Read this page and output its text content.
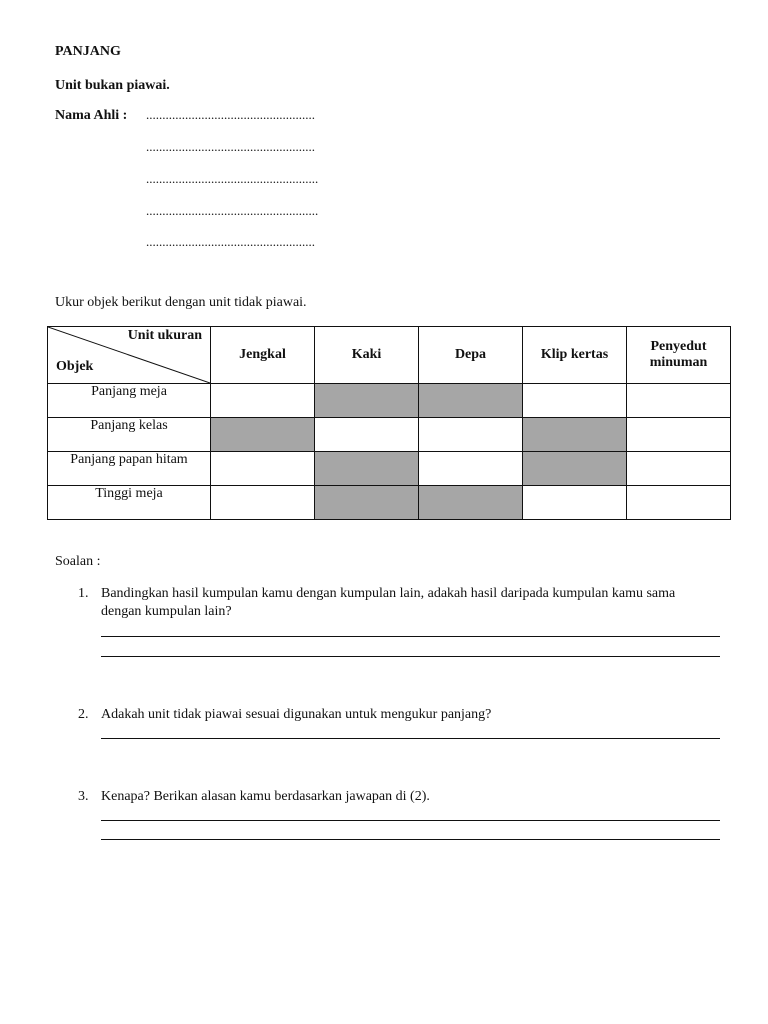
PANJANG
Unit bukan piawai.
Nama Ahli : ....................................................
....................................................
.....................................................
.....................................................
....................................................
Ukur objek berikut dengan unit tidak piawai.
Unit ukuran
Objek	Jengkal	Kaki	Depa	Klip kertas	Penyedut minuman
Panjang meja					
Panjang kelas					
Panjang papan hitam					
Tinggi meja					
Soalan :
1. Bandingkan hasil kumpulan kamu dengan kumpulan lain, adakah hasil daripada kumpulan kamu sama dengan kumpulan lain?
2. Adakah unit tidak piawai sesuai digunakan untuk mengukur panjang?
3. Kenapa? Berikan alasan kamu berdasarkan jawapan di (2).
